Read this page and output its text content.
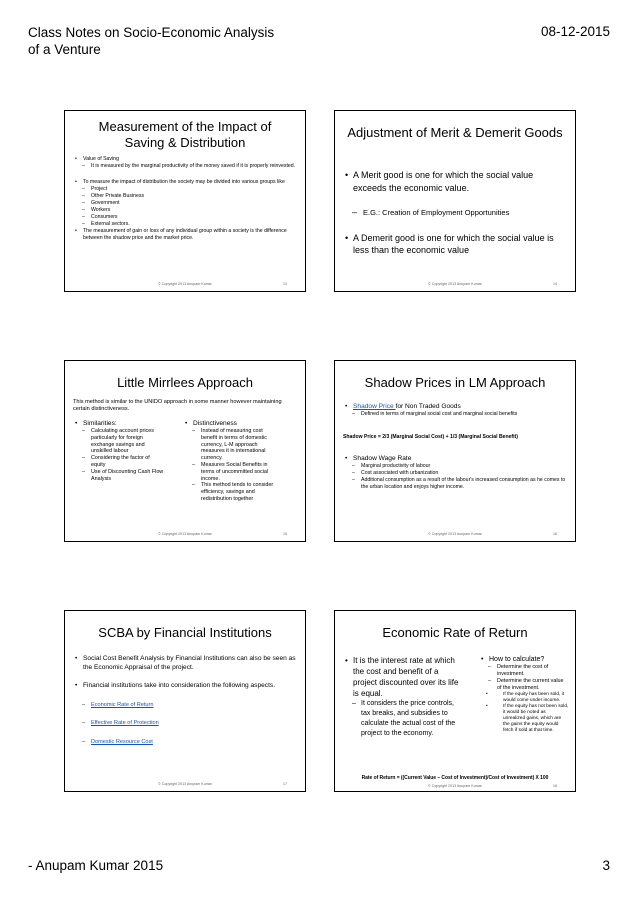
Class Notes on Socio-Economic Analysis
of a Venture
08-12-2015
Measurement of the Impact of
Saving & Distribution
• Value of Saving
– It is measured by the marginal productivity of the money saved if it is properly reinvested.
• To measure the impact of distribution the society may be divided into various groups like
– Project
– Other Private Business
– Government
– Workers
– Consumers
– External sectors.
• The measurement of gain or loss of any individual group within a society is the difference between the shadow price and the market price.
© Copyright 2013 Anupam Kumar	13
Adjustment of Merit & Demerit Goods
• A Merit good is one for which the social value exceeds the economic value.
– E.G.: Creation of Employment Opportunities
• A Demerit good is one for which the social value is less than the economic value
© Copyright 2013 Anupam Kumar	14
Little Mirrlees Approach
This method is similar to the UNIDO approach in some manner however maintaining certain distinctiveness.
• Similarities:
– Calculating account prices particularly for foreign exchange savings and unskilled labour
– Considering the factor of equity
– Use of Discounting Cash Flow Analysis
• Distinctiveness
– Instead of measuring cost benefit in terms of domestic currency, L-M approach measures it in international currency.
– Measures Social Benefits in terms of uncommitted social income.
– This method tends to consider efficiency, savings and redistribution together
© Copyright 2013 Anupam Kumar	15
Shadow Prices in LM Approach
• Shadow Price for Non Traded Goods
– Defined in terms of marginal social cost and marginal social benefits
Shadow Price = 2/3 (Marginal Social Cost) + 1/3 (Marginal Social Benefit)
• Shadow Wage Rate
– Marginal productivity of labour
– Cost associated with urbanization
– Additional consumption as a result of the labour's increased consumption as he comes to the urban location and enjoys higher income.
© Copyright 2013 Anupam Kumar	16
SCBA by Financial Institutions
• Social Cost Benefit Analysis by Financial Institutions can also be seen as the Economic Appraisal of the project.
• Financial institutions take into consideration the following aspects.
– Economic Rate of Return
– Effective Rate of Protection
– Domestic Resource Cost
© Copyright 2013 Anupam Kumar	17
Economic Rate of Return
• It is the interest rate at which the cost and benefit of a project discounted over its life is equal.
– It considers the price controls, tax breaks, and subsidies to calculate the actual cost of the project to the economy.
• How to calculate?
– Determine the cost of investment.
– Determine the current value of the investment.
• If the equity has been sold, it would come under income.
• If the equity has not been sold, it would be noted as unrealized gains, which are the gains the equity would fetch if sold at that time.
Rate of Return = ((Current Value – Cost of Investment)/Cost of Investment) X 100
© Copyright 2013 Anupam Kumar	18
- Anupam Kumar 2015	3
